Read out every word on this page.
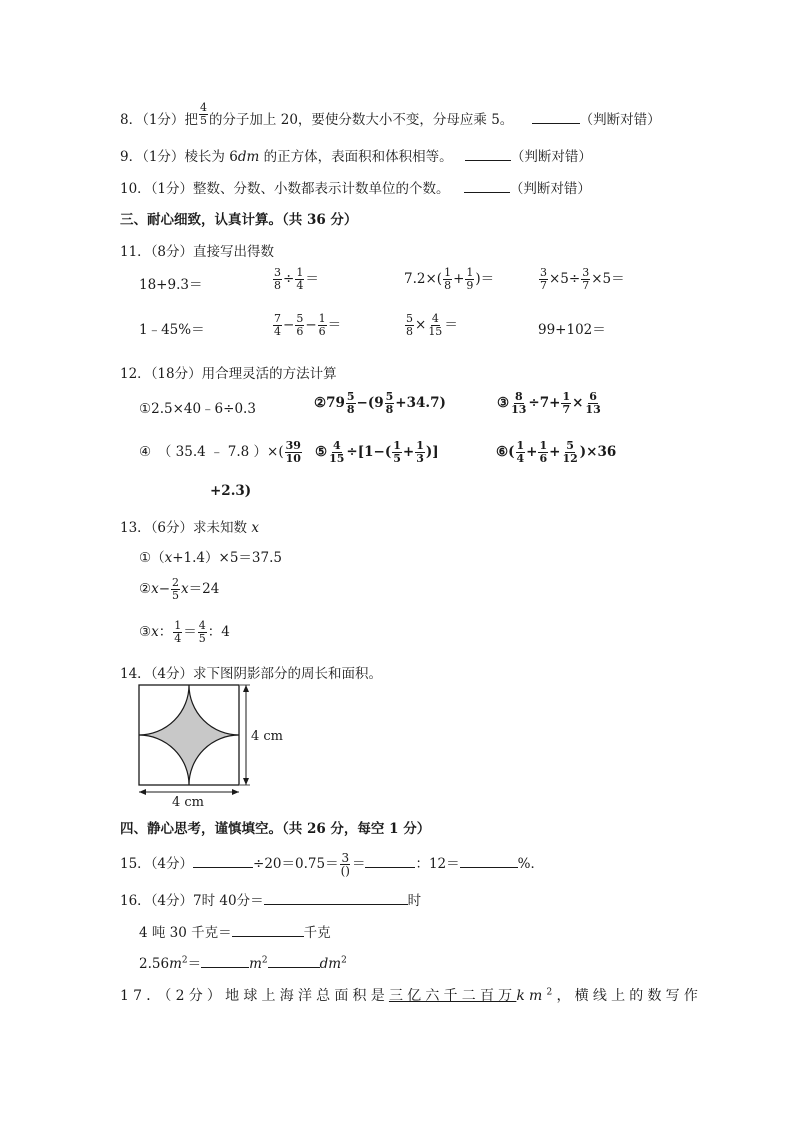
8．（1分）把 $\frac{4}{5}$ 的分子加上 20，要使分数大小不变，分母应乘 5。	（判断对错）
9．（1分）棱长为 6dm 的正方体，表面积和体积相等。	（判断对错）
10．（1分）整数、分数、小数都表示计数单位的个数。	（判断对错）
三、耐心细致，认真计算。（共 36 分）
11．（8分）直接写出得数
18+9.3＝	$\frac{3}{8} \div \frac{1}{4}$ ＝	$7.2\times( \frac{1}{8} + \frac{1}{9}$ )＝	$\frac{3}{7} \times 5\div \frac{3}{7} \times 5=$
1﹣45%＝	$\frac{7}{4} - \frac{5}{6} - \frac{1}{6}$ ＝	$\frac{5}{8} \times \frac{4}{15}$ ＝	99+102＝
12．（18分）用合理灵活的方法计算
①2.5×40﹣6÷0.3	②79 $\frac{5}{8} -(9 \frac{5}{8} +34.7)$	③ $\frac{8}{13} \div 7+ \frac{1}{7} \times \frac{6}{13}$
④　（ 35.4 ﹣ 7.8 ）×( $\frac{39}{10}$ ⑤ $\frac{4}{15} \div[1-( \frac{1}{5} + \frac{1}{3}$ )]	⑥( $\frac{1}{4} + \frac{1}{6} + \frac{5}{12} )\times 36$
+2.3)
13．（6分）求未知数 x
①（x+1.4）×5＝37.5
②x− $\frac{2}{5} x=24$
③x： $\frac{1}{4} = \frac{4}{5}$ ：4
14．（4分）求下图阴影部分的周长和面积。
4 cm
4 cm
四、静心思考，谨慎填空。（共 26 分，每空 1 分）
15．（4分）	$\div 20=0.75= \frac{3}{()}$ ＝	：12＝	%．
16．（4分）7时 40分＝	时
4 吨 30 千克＝	千克
$2.56m^2=$	$m^2$	$dm^2$
17．（2分）地球上海洋总面积是三亿六千二百万$km^2$，横线上的数写作
